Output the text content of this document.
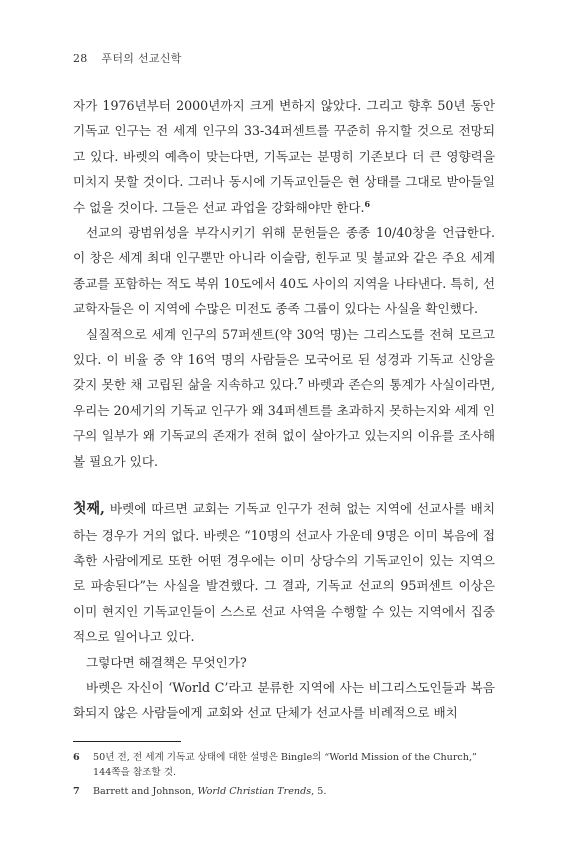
28 푸터의 선교신학

자가 1976년부터 2000년까지 크게 변하지 않았다. 그리고 향후 50년 동안 기독교 인구는 전 세계 인구의 33-34퍼센트를 꾸준히 유지할 것으로 전망되고 있다. 바렛의 예측이 맞는다면, 기독교는 분명히 기존보다 더 큰 영향력을 미치지 못할 것이다. 그러나 동시에 기독교인들은 현 상태를 그대로 받아들일 수 없을 것이다. 그들은 선교 과업을 강화해야만 한다.$^6$

선교의 광범위성을 부각시키기 위해 문헌들은 종종 10/40창을 언급한다. 이 창은 세계 최대 인구뿐만 아니라 이슬람, 힌두교 및 불교와 같은 주요 세계 종교를 포함하는 적도 북위 10도에서 40도 사이의 지역을 나타낸다. 특히, 선교학자들은 이 지역에 수많은 미전도 종족 그룹이 있다는 사실을 확인했다.

실질적으로 세계 인구의 57퍼센트(약 30억 명)는 그리스도를 전혀 모르고 있다. 이 비율 중 약 16억 명의 사람들은 모국어로 된 성경과 기독교 신앙을 갖지 못한 채 고립된 삶을 지속하고 있다.$^7$ 바렛과 존슨의 통계가 사실이라면, 우리는 20세기의 기독교 인구가 왜 34퍼센트를 초과하지 못하는지와 세계 인구의 일부가 왜 기독교의 존재가 전혀 없이 살아가고 있는지의 이유를 조사해 볼 필요가 있다.

첫째, 바렛에 따르면 교회는 기독교 인구가 전혀 없는 지역에 선교사를 배치하는 경우가 거의 없다. 바렛은 “10명의 선교사 가운데 9명은 이미 복음에 접촉한 사람에게로 또한 어떤 경우에는 이미 상당수의 기독교인이 있는 지역으로 파송된다”는 사실을 발견했다. 그 결과, 기독교 선교의 95퍼센트 이상은 이미 현지인 기독교인들이 스스로 선교 사역을 수행할 수 있는 지역에서 집중적으로 일어나고 있다.

그렇다면 해결책은 무엇인가?

바렛은 자신이 ‘World C’라고 분류한 지역에 사는 비그리스도인들과 복음화되지 않은 사람들에게 교회와 선교 단체가 선교사를 비례적으로 배치

6	50년 전, 전 세계 기독교 상태에 대한 설명은 Bingle의 “World Mission of the Church,” 144쪽을 참조할 것.
7	Barrett and Johnson, World Christian Trends, 5.
